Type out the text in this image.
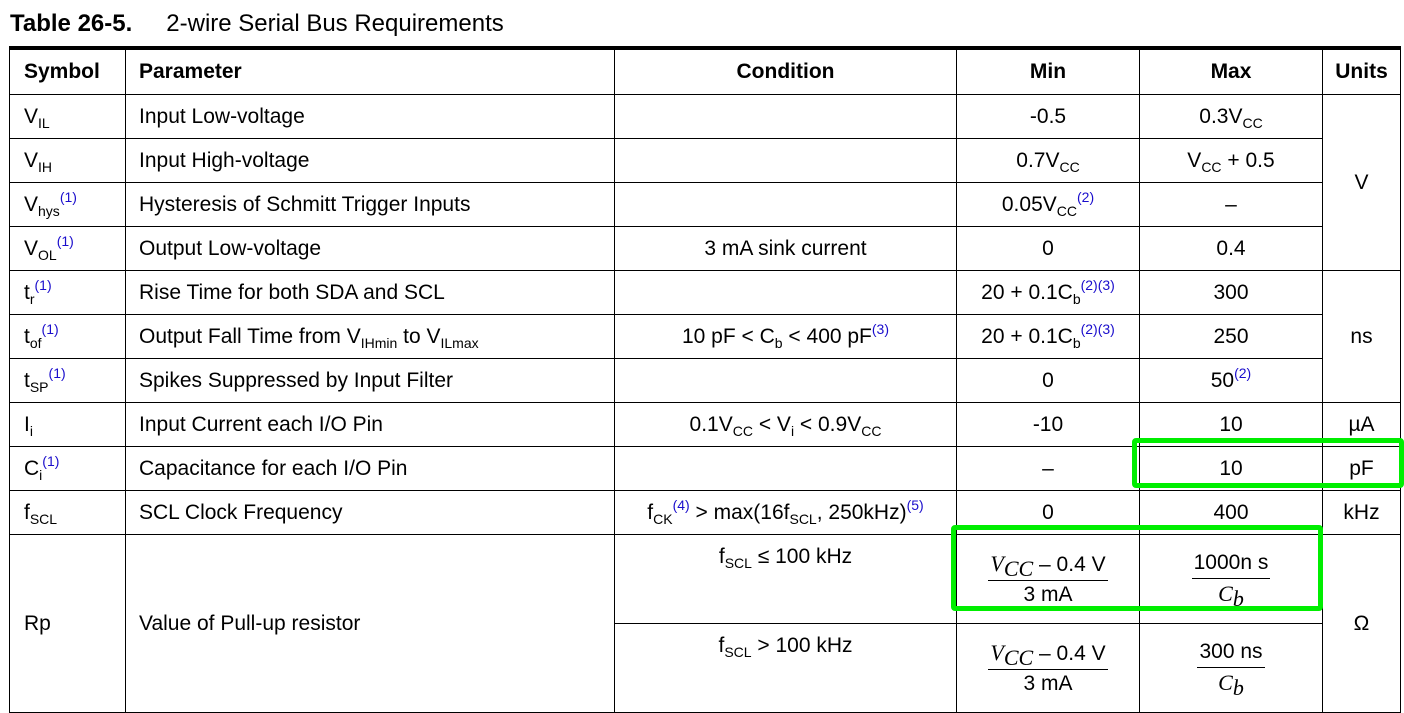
Table 26-5. 2-wire Serial Bus Requirements
Symbol	Parameter	Condition	Min	Max	Units
$V_{IL}$	Input Low-voltage		-0.5	$0.3V_{CC}$	V
$V_{IH}$	Input High-voltage		$0.7V_{CC}$	$V_{CC} + 0.5$	
$V_{hys}^{(1)}$	Hysteresis of Schmitt Trigger Inputs		$0.05V_{CC}^{(2)}$	–	
$V_{OL}^{(1)}$	Output Low-voltage	3 mA sink current	0	0.4	
$t_r^{(1)}$	Rise Time for both SDA and SCL		$20 + 0.1C_b^{(2)(3)}$	300	ns
$t_{of}^{(1)}$	Output Fall Time from $V_{IHmin}$ to $V_{ILmax}$	10 pF < $C_b < 400$ $pF^{(3)}$	$20 + 0.1C_b^{(2)(3)}$	250	
$t_{SP}^{(1)}$	Spikes Suppressed by Input Filter		0	50$^{(2)}$
$I_i$	Input Current each I/O Pin	$0.1V_{CC} < V_i < 0.9V_{CC}$	-10	10	µA
$C_i^{(1)}$	Capacitance for each I/O Pin		–	10	pF
$f_{SCL}$	SCL Clock Frequency	$f_{CK}^{(4)} > \max(16f_{SCL}$, 250kHz)$^{(5)}$	0	400	kHz
Rp	Value of Pull-up resistor	$f_{SCL} \le 100$ kHz	$\frac{V_{CC} - 0.4 V}{3 mA}$	$\frac{\text{1000n s}}{C_b}$	Ω
		$f_{SCL} > 100$ kHz	$\frac{V_{CC} - 0.4 V}{3 mA}$	$\frac{300 ns}{C_b}$
